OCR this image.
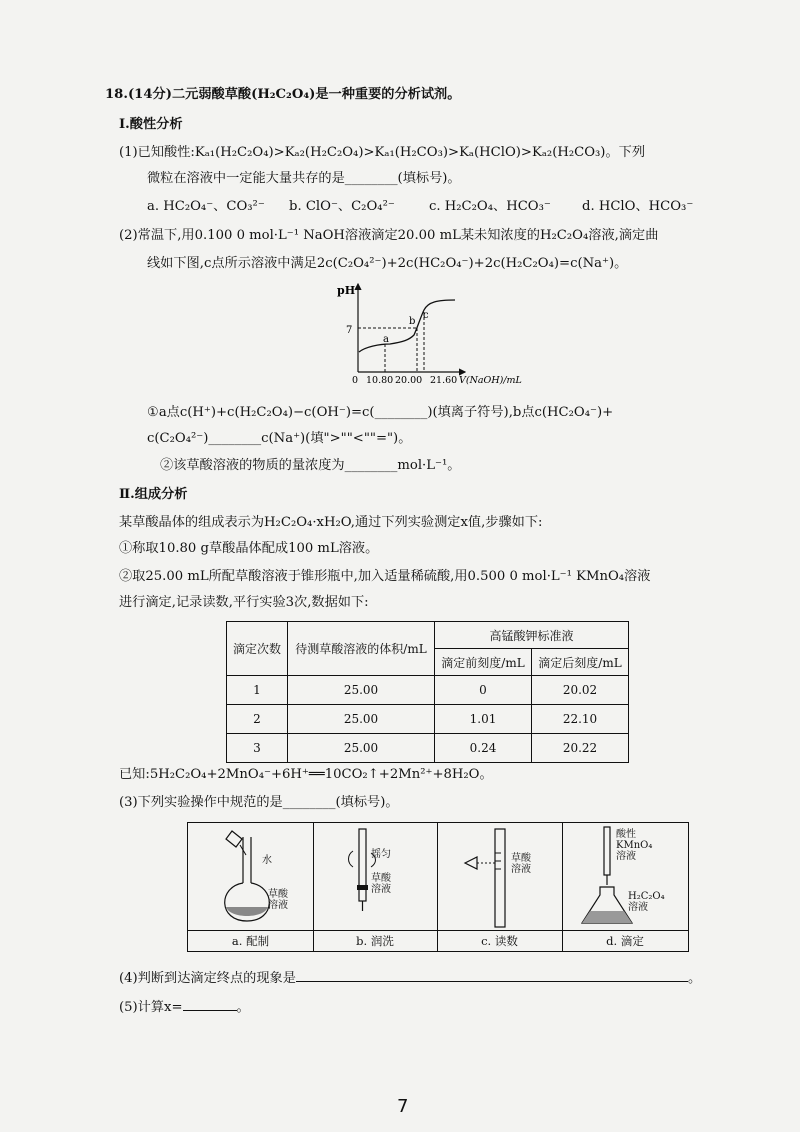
18.(14分)二元弱酸草酸(H₂C₂O₄)是一种重要的分析试剂。
Ⅰ.酸性分析
(1)已知酸性:Kₐ₁(H₂C₂O₄)>Kₐ₂(H₂C₂O₄)>Kₐ₁(H₂CO₃)>Kₐ(HClO)>Kₐ₂(H₂CO₃)。下列
微粒在溶液中一定能大量共存的是________(填标号)。
a. HC₂O₄⁻、CO₃²⁻ b. ClO⁻、C₂O₄²⁻	c. H₂C₂O₄、HCO₃⁻ d. HClO、HCO₃⁻
(2)常温下,用0.100 0 mol·L⁻¹ NaOH溶液滴定20.00 mL某未知浓度的H₂C₂O₄溶液,滴定曲
线如下图,c点所示溶液中满足2c(C₂O₄²⁻)+2c(HC₂O₄⁻)+2c(H₂C₂O₄)=c(Na⁺)。
pH
V(NaOH)/mL
7
0 10.80 20.00 21.60
a
b
c
①a点c(H⁺)+c(H₂C₂O₄)−c(OH⁻)=c(________)(填离子符号),b点c(HC₂O₄⁻)+
c(C₂O₄²⁻)________c(Na⁺)(填">""<""=")。
②该草酸溶液的物质的量浓度为________mol·L⁻¹。
Ⅱ.组成分析
某草酸晶体的组成表示为H₂C₂O₄·xH₂O,通过下列实验测定x值,步骤如下:
①称取10.80 g草酸晶体配成100 mL溶液。
②取25.00 mL所配草酸溶液于锥形瓶中,加入适量稀硫酸,用0.500 0 mol·L⁻¹ KMnO₄溶液
进行滴定,记录读数,平行实验3次,数据如下:
滴定次数	待测草酸溶液的体积/mL	高锰酸钾标准液	
		滴定前刻度/mL	滴定后刻度/mL
1	25.00	0	20.02
2	25.00	1.01	22.10
3	25.00	0.24	20.22
已知:5H₂C₂O₄+2MnO₄⁻+6H⁺══10CO₂↑+2Mn²⁺+8H₂O。
(3)下列实验操作中规范的是________(填标号)。
水
草酸溶液
a. 配制
摇匀
草酸溶液
b. 润洗
草酸溶液
c. 读数
酸性KMnO₄溶液
H₂C₂O₄溶液
d. 滴定
(4)判断到达滴定终点的现象是	。
(5)计算x=	。
7
